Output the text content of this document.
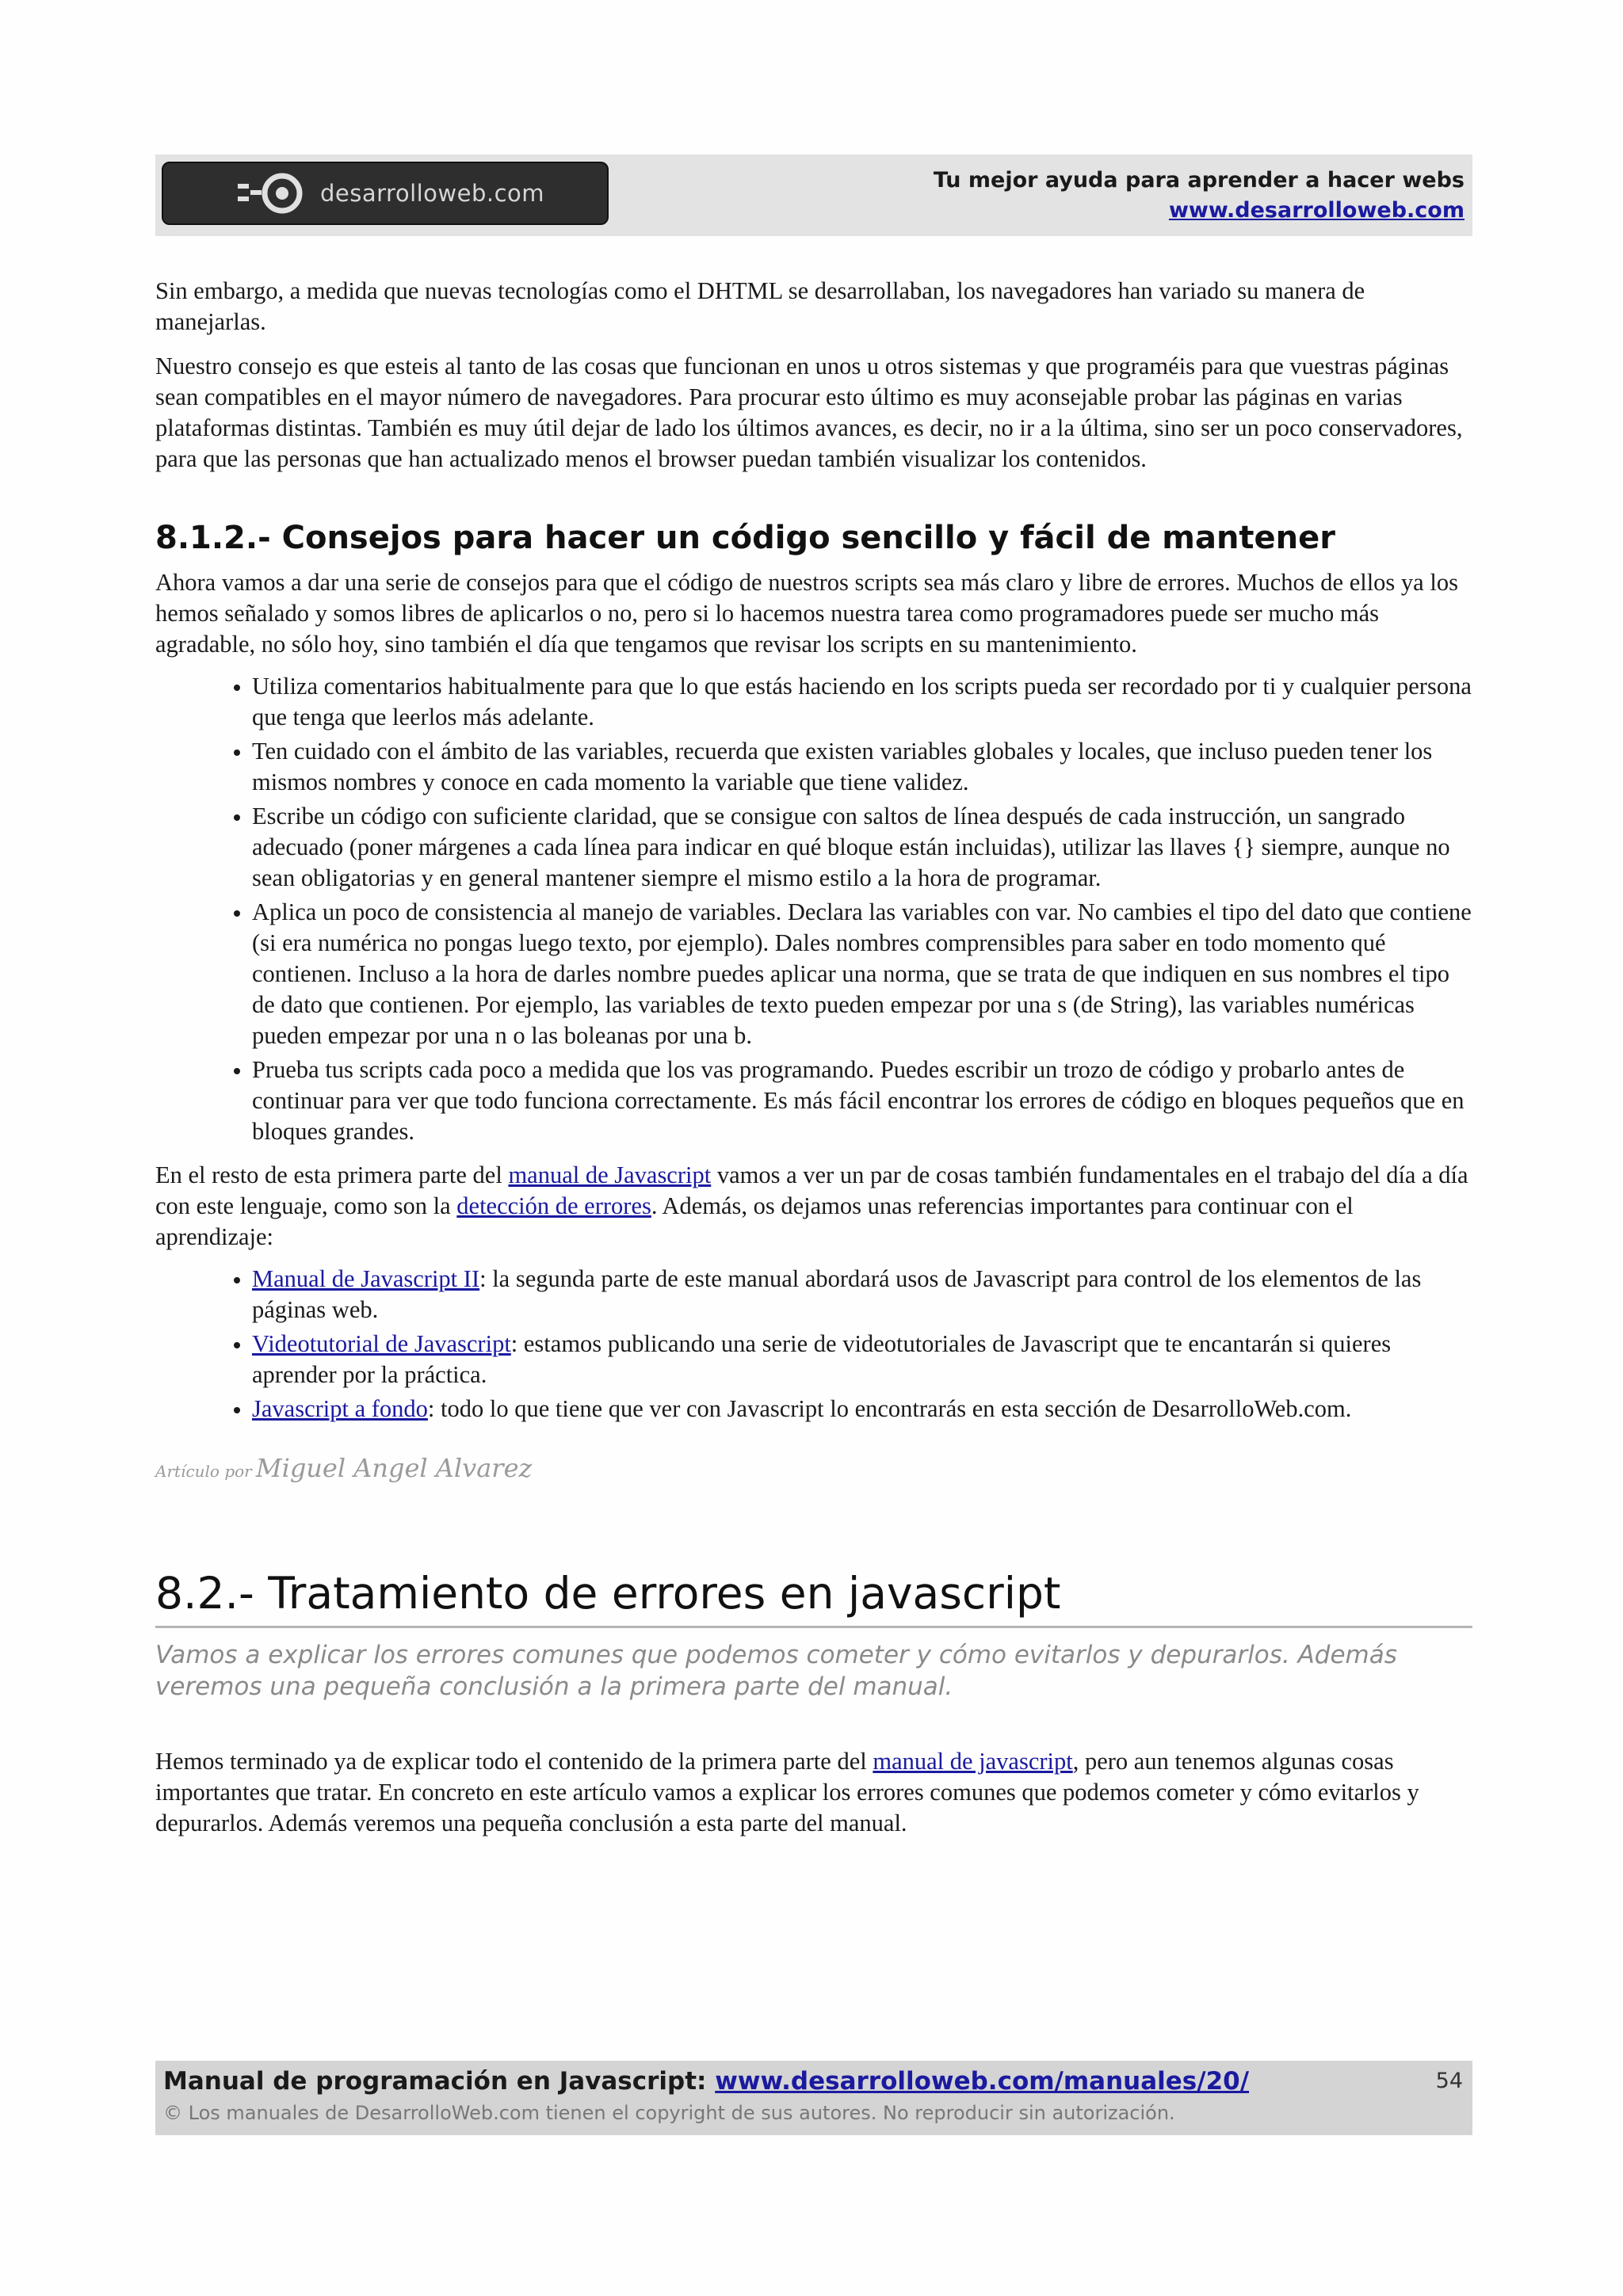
desarrolloweb.com	Tu mejor ayuda para aprender a hacer webs
www.desarrolloweb.com

Sin embargo, a medida que nuevas tecnologías como el DHTML se desarrollaban, los navegadores han variado su manera de manejarlas.

Nuestro consejo es que esteis al tanto de las cosas que funcionan en unos u otros sistemas y que programéis para que vuestras páginas sean compatibles en el mayor número de navegadores. Para procurar esto último es muy aconsejable probar las páginas en varias plataformas distintas. También es muy útil dejar de lado los últimos avances, es decir, no ir a la última, sino ser un poco conservadores, para que las personas que han actualizado menos el browser puedan también visualizar los contenidos.

8.1.2.- Consejos para hacer un código sencillo y fácil de mantener

Ahora vamos a dar una serie de consejos para que el código de nuestros scripts sea más claro y libre de errores. Muchos de ellos ya los hemos señalado y somos libres de aplicarlos o no, pero si lo hacemos nuestra tarea como programadores puede ser mucho más agradable, no sólo hoy, sino también el día que tengamos que revisar los scripts en su mantenimiento.

• Utiliza comentarios habitualmente para que lo que estás haciendo en los scripts pueda ser recordado por ti y cualquier persona que tenga que leerlos más adelante.
• Ten cuidado con el ámbito de las variables, recuerda que existen variables globales y locales, que incluso pueden tener los mismos nombres y conoce en cada momento la variable que tiene validez.
• Escribe un código con suficiente claridad, que se consigue con saltos de línea después de cada instrucción, un sangrado adecuado (poner márgenes a cada línea para indicar en qué bloque están incluidas), utilizar las llaves {} siempre, aunque no sean obligatorias y en general mantener siempre el mismo estilo a la hora de programar.
• Aplica un poco de consistencia al manejo de variables. Declara las variables con var. No cambies el tipo del dato que contiene (si era numérica no pongas luego texto, por ejemplo). Dales nombres comprensibles para saber en todo momento qué contienen. Incluso a la hora de darles nombre puedes aplicar una norma, que se trata de que indiquen en sus nombres el tipo de dato que contienen. Por ejemplo, las variables de texto pueden empezar por una s (de String), las variables numéricas pueden empezar por una n o las boleanas por una b.
• Prueba tus scripts cada poco a medida que los vas programando. Puedes escribir un trozo de código y probarlo antes de continuar para ver que todo funciona correctamente. Es más fácil encontrar los errores de código en bloques pequeños que en bloques grandes.

En el resto de esta primera parte del manual de Javascript vamos a ver un par de cosas también fundamentales en el trabajo del día a día con este lenguaje, como son la detección de errores. Además, os dejamos unas referencias importantes para continuar con el aprendizaje:

• Manual de Javascript II: la segunda parte de este manual abordará usos de Javascript para control de los elementos de las páginas web.
• Videotutorial de Javascript: estamos publicando una serie de videotutoriales de Javascript que te encantarán si quieres aprender por la práctica.
• Javascript a fondo: todo lo que tiene que ver con Javascript lo encontrarás en esta sección de DesarrolloWeb.com.
Artículo por Miguel Angel Alvarez
8.2.- Tratamiento de errores en javascript
Vamos a explicar los errores comunes que podemos cometer y cómo evitarlos y depurarlos. Además veremos una pequeña conclusión a la primera parte del manual.

Hemos terminado ya de explicar todo el contenido de la primera parte del manual de javascript, pero aun tenemos algunas cosas importantes que tratar. En concreto en este artículo vamos a explicar los errores comunes que podemos cometer y cómo evitarlos y depurarlos. Además veremos una pequeña conclusión a esta parte del manual.

Manual de programación en Javascript: www.desarrolloweb.com/manuales/20/
© Los manuales de DesarrolloWeb.com tienen el copyright de sus autores. No reproducir sin autorización.
54
